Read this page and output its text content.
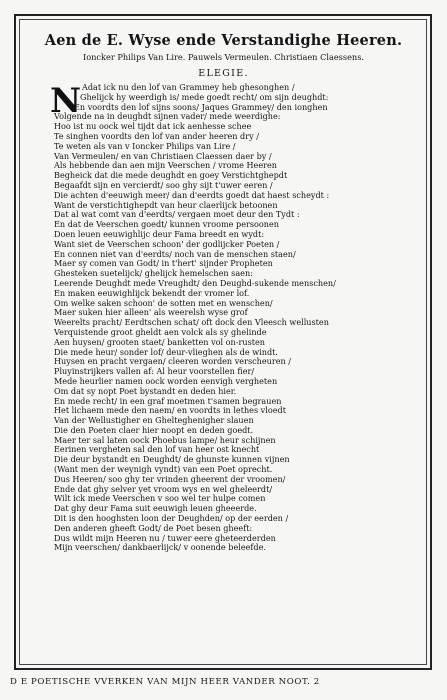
Aen de E. Wyse ende Verstandighe Heeren.
Ioncker Philips Van Lire. Pauwels Vermeulen. Christiaen Claessens.
ELEGIE.
N Adat ick nu den lof van Grammey heb ghesonghen /
Ghelijck hy weerdigh is/ mede goedt recht/ om sijn deughdt:
En voordts den lof sijns soons/ Jaques Grammey/ den ionghen
Volgende na in deughdt sijnen vader/ mede weerdighe:
Hoo ist nu oock wel tijdt dat ick aenhesse schee
Te singhen voordts den lof van ander heeren dry /
Te weten als van v Ioncker Philips van Lire /
Van Vermeulen/ en van Christiaen Claessen daer by /
Als hebbende dan aen mijn Veerschen / vrome Heeren
Begheick dat die mede deughdt en goey Verstichtghepdt
Begaafdt sijn en vercierdt/ soo ghy sijt t'uwer eeren /
Die achten d'eeuwigh meer/ dan d'eerdts goedt dat haest scheydt :
Want de verstichtighepdt van heur claerlijck betoonen
Dat al wat comt van d'eerdts/ vergaen moet deur den Tydt :
En dat de Veerschen goedt/ kunnen vroome persoonen
Doen leuen eeuwighlijc deur Fama breedt en wydt:
Want siet de Veerschen schoon' der godlijcker Poeten /
En connen niet van d'eerdts/ noch van de menschen staen/
Maer sy comen van Godt/ in t'hert' sijnder Propheten
Ghesteken suetelijck/ ghelijck hemelschen saen:
Leerende Deughdt mede Vreughdt/ den Deughd-sukende menschen/
En maken eeuwighlijck bekendt der vromer lof.
Om welke saken schoon' de sotten met en wenschen/
Maer suken hier alleen' als weerelsh wyse grof
Weerelts pracht/ Eerdtschen schat/ oft dock den Vleesch wellusten
Verquistende groot gheldt aen volck als sy ghelinde
Aen huysen/ grooten staet/ banketten vol on-rusten
Die mede heur/ sonder lof/ deur-vlieghen als de windt.
Huysen en pracht vergaen/ cleeren worden verscheuren /
Pluyinstrijkers vallen af: Al heur voorstellen fier/
Mede heurlier namen oock worden eenvigh vergheten
Om dat sy nopt Poet bystandt en deden hier.
En mede recht/ in een graf moetmen t'samen begrauen
Het lichaem mede den naem/ en voordts in lethes vloedt
Van der Wellustigher en Ghelteghenigher slauen
Die den Poeten claer hier noopt en deden goedt.
Maer ter sal laten oock Phoebus lampe/ heur schijnen
Eerinen vergheten sal den lof van heer ost knecht
Die deur bystandt en Deughdt/ de ghunste kunnen vijnen
(Want men der weynigh vyndt) van een Poet oprecht.
Dus Heeren/ soo ghy ter vrinden gheerent der vroomen/
Ende dat ghy selver yet vroom wys en wel gheleerdt/
Wilt ick mede Veerschen v soo wel ter hulpe comen
Dat ghy deur Fama suit eeuwigh leuen gheeerde.
Dit is den hooghsten loon der Deughden/ op der eerden /
Den anderen gheeft Godt/ de Poet besen gheeft:
Dus wildt mijn Heeren nu / tuwer eere gheteerderden
Mijn veerschen/ dankbaerlijck/ v oonende beleefde.
D E POETISCHE VVERKEN VAN MIJN HEER VANDER NOOT. 2
